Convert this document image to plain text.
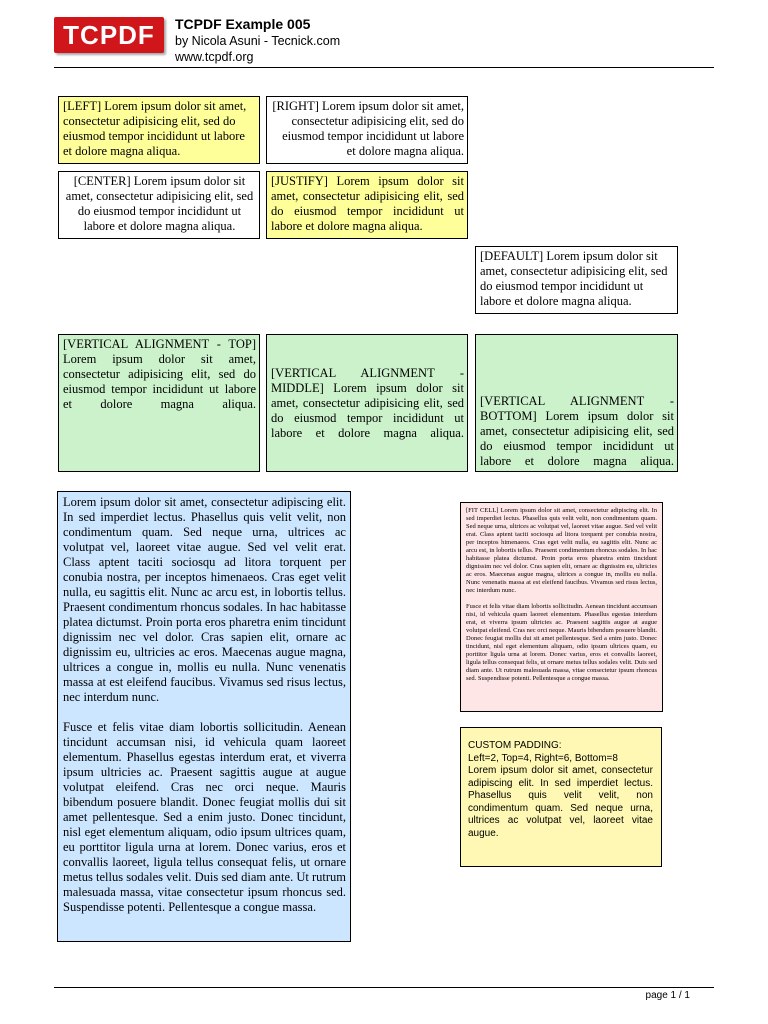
TCPDF	TCPDF Example 005
by Nicola Asuni - Tecnick.com
www.tcpdf.org
[LEFT] Lorem ipsum dolor sit amet, consectetur adipisicing elit, sed do eiusmod tempor incididunt ut labore et dolore magna aliqua.
[RIGHT] Lorem ipsum dolor sit amet, consectetur adipisicing elit, sed do eiusmod tempor incididunt ut labore et dolore magna aliqua.
[CENTER] Lorem ipsum dolor sit amet, consectetur adipisicing elit, sed do eiusmod tempor incididunt ut labore et dolore magna aliqua.
[JUSTIFY] Lorem ipsum dolor sit amet, consectetur adipisicing elit, sed do eiusmod tempor incididunt ut labore et dolore magna aliqua.
[DEFAULT] Lorem ipsum dolor sit amet, consectetur adipisicing elit, sed do eiusmod tempor incididunt ut labore et dolore magna aliqua.
[VERTICAL ALIGNMENT - TOP] Lorem ipsum dolor sit amet, consectetur adipisicing elit, sed do eiusmod tempor incididunt ut labore et dolore magna aliqua.
[VERTICAL ALIGNMENT - MIDDLE] Lorem ipsum dolor sit amet, consectetur adipisicing elit, sed do eiusmod tempor incididunt ut labore et dolore magna aliqua.
[VERTICAL ALIGNMENT - BOTTOM] Lorem ipsum dolor sit amet, consectetur adipisicing elit, sed do eiusmod tempor incididunt ut labore et dolore magna aliqua.

Lorem ipsum dolor sit amet, consectetur adipiscing elit. In sed imperdiet lectus. Phasellus quis velit velit, non condimentum quam. Sed neque urna, ultrices ac volutpat vel, laoreet vitae augue. Sed vel velit erat. Class aptent taciti sociosqu ad litora torquent per conubia nostra, per inceptos himenaeos. Cras eget velit nulla, eu sagittis elit. Nunc ac arcu est, in lobortis tellus. Praesent condimentum rhoncus sodales. In hac habitasse platea dictumst. Proin porta eros pharetra enim tincidunt dignissim nec vel dolor. Cras sapien elit, ornare ac dignissim eu, ultricies ac eros. Maecenas augue magna, ultrices a congue in, mollis eu nulla. Nunc venenatis massa at est eleifend faucibus. Vivamus sed risus lectus, nec interdum nunc.

Fusce et felis vitae diam lobortis sollicitudin. Aenean tincidunt accumsan nisi, id vehicula quam laoreet elementum. Phasellus egestas interdum erat, et viverra ipsum ultricies ac. Praesent sagittis augue at augue volutpat eleifend. Cras nec orci neque. Mauris bibendum posuere blandit. Donec feugiat mollis dui sit amet pellentesque. Sed a enim justo. Donec tincidunt, nisl eget elementum aliquam, odio ipsum ultrices quam, eu porttitor ligula urna at lorem. Donec varius, eros et convallis laoreet, ligula tellus consequat felis, ut ornare metus tellus sodales velit. Duis sed diam ante. Ut rutrum malesuada massa, vitae consectetur ipsum rhoncus sed. Suspendisse potenti. Pellentesque a congue massa.

[FIT CELL] Lorem ipsum dolor sit amet, consectetur adipiscing elit. In sed imperdiet lectus. Phasellus quis velit velit, non condimentum quam. Sed neque urna, ultrices ac volutpat vel, laoreet vitae augue. Sed vel velit erat. Class aptent taciti sociosqu ad litora torquent per conubia nostra, per inceptos himenaeos. Cras eget velit nulla, eu sagittis elit. Nunc ac arcu est, in lobortis tellus. Praesent condimentum rhoncus sodales. In hac habitasse platea dictumst. Proin porta eros pharetra enim tincidunt dignissim nec vel dolor. Cras sapien elit, ornare ac dignissim eu, ultricies ac eros. Maecenas augue magna, ultrices a congue in, mollis eu nulla. Nunc venenatis massa at est eleifend faucibus. Vivamus sed risus lectus, nec interdum nunc.

Fusce et felis vitae diam lobortis sollicitudin. Aenean tincidunt accumsan nisi, id vehicula quam laoreet elementum. Phasellus egestas interdum erat, et viverra ipsum ultricies ac. Praesent sagittis augue at augue volutpat eleifend. Cras nec orci neque. Mauris bibendum posuere blandit. Donec feugiat mollis dui sit amet pellentesque. Sed a enim justo. Donec tincidunt, nisl eget elementum aliquam, odio ipsum ultrices quam, eu porttitor ligula urna at lorem. Donec varius, eros et convallis laoreet, ligula tellus consequat felis, ut ornare metus tellus sodales velit. Duis sed diam ante. Ut rutrum malesuada massa, vitae consectetur ipsum rhoncus sed. Suspendisse potenti. Pellentesque a congue massa.

CUSTOM PADDING:
Left=2, Top=4, Right=6, Bottom=8
Lorem ipsum dolor sit amet, consectetur adipiscing elit. In sed imperdiet lectus. Phasellus quis velit velit, non condimentum quam. Sed neque urna, ultrices ac volutpat vel, laoreet vitae augue.
page 1 / 1
